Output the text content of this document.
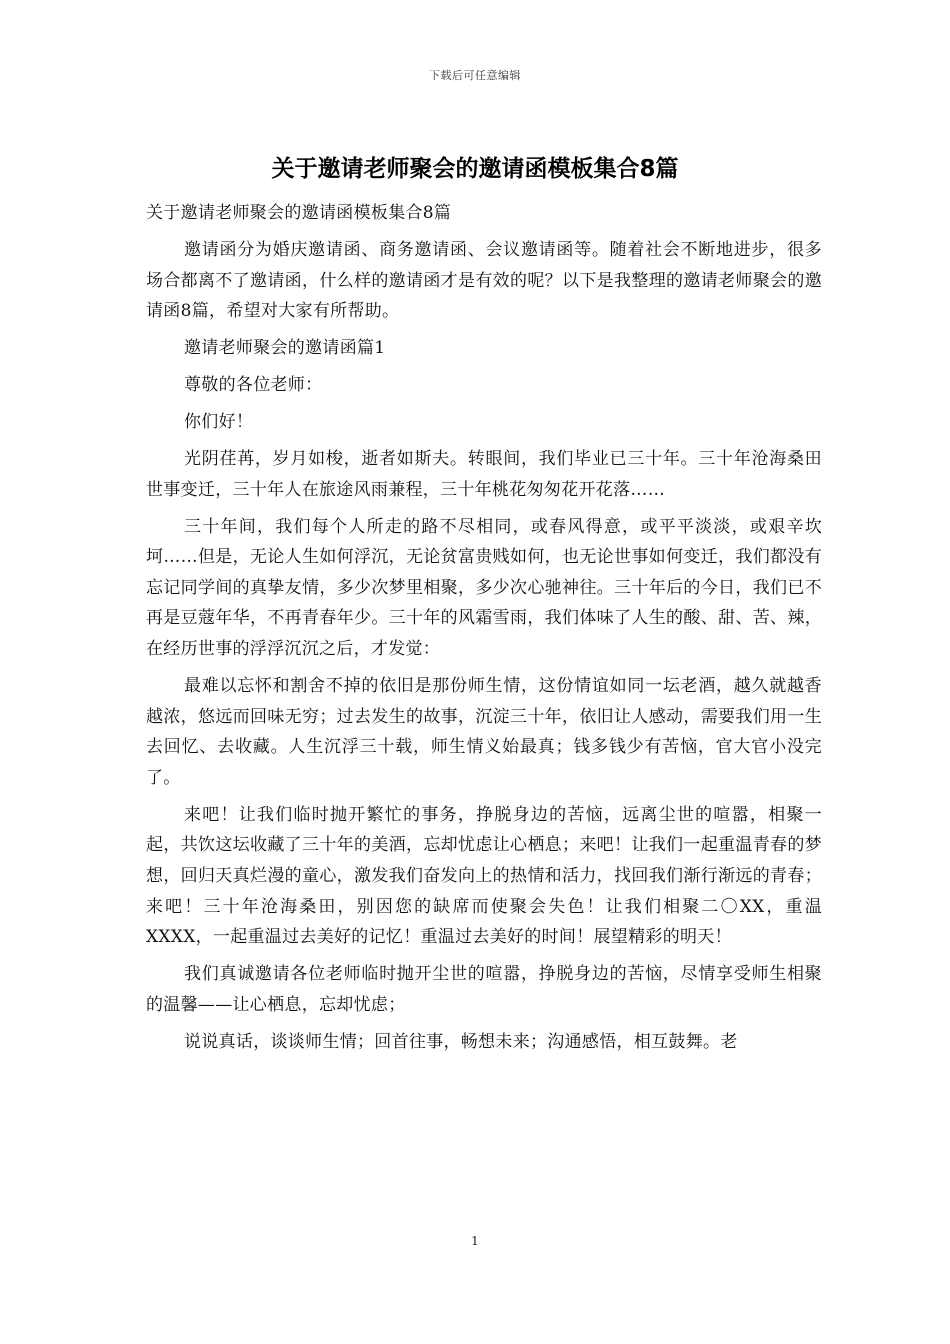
下载后可任意编辑
关于邀请老师聚会的邀请函模板集合8篇

关于邀请老师聚会的邀请函模板集合8篇

邀请函分为婚庆邀请函、商务邀请函、会议邀请函等。随着社会不断地进步，很多场合都离不了邀请函，什么样的邀请函才是有效的呢？以下是我整理的邀请老师聚会的邀请函8篇，希望对大家有所帮助。

邀请老师聚会的邀请函篇1

尊敬的各位老师：

你们好！

光阴荏苒，岁月如梭，逝者如斯夫。转眼间，我们毕业已三十年。三十年沧海桑田世事变迁，三十年人在旅途风雨兼程，三十年桃花匆匆花开花落……

三十年间，我们每个人所走的路不尽相同，或春风得意，或平平淡淡，或艰辛坎坷……但是，无论人生如何浮沉，无论贫富贵贱如何，也无论世事如何变迁，我们都没有忘记同学间的真挚友情，多少次梦里相聚，多少次心驰神往。三十年后的今日，我们已不再是豆蔻年华，不再青春年少。三十年的风霜雪雨，我们体味了人生的酸、甜、苦、辣，在经历世事的浮浮沉沉之后，才发觉：

最难以忘怀和割舍不掉的依旧是那份师生情，这份情谊如同一坛老酒，越久就越香越浓，悠远而回味无穷；过去发生的故事，沉淀三十年，依旧让人感动，需要我们用一生去回忆、去收藏。人生沉浮三十载，师生情义始最真；钱多钱少有苦恼，官大官小没完了。

来吧！让我们临时抛开繁忙的事务，挣脱身边的苦恼，远离尘世的喧嚣，相聚一起，共饮这坛收藏了三十年的美酒，忘却忧虑让心栖息；来吧！让我们一起重温青春的梦想，回归天真烂漫的童心，激发我们奋发向上的热情和活力，找回我们渐行渐远的青春；来吧！三十年沧海桑田，别因您的缺席而使聚会失色！让我们相聚二〇XX，重温XXXX，一起重温过去美好的记忆！重温过去美好的时间！展望精彩的明天！

我们真诚邀请各位老师临时抛开尘世的喧嚣，挣脱身边的苦恼，尽情享受师生相聚的温馨——让心栖息，忘却忧虑；

说说真话，谈谈师生情；回首往事，畅想未来；沟通感悟，相互鼓舞。老

1
